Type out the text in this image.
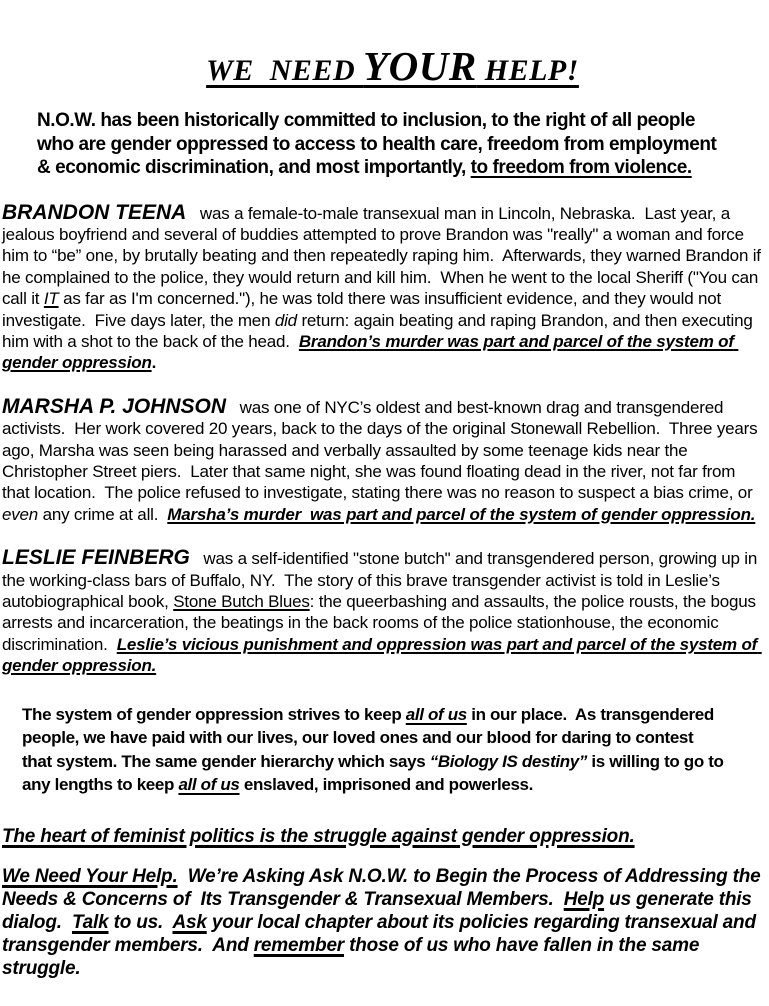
WE  NEED YOUR HELP!

N.O.W. has been historically committed to inclusion, to the right of all people who are gender oppressed to access to health care, freedom from employment & economic discrimination, and most importantly, to freedom from violence.
BRANDON TEENA   was a female-to-male transexual man in Lincoln, Nebraska.  Last year, a jealous boyfriend and several of buddies attempted to prove Brandon was "really" a woman and force him to “be” one, by brutally beating and then repeatedly raping him.  Afterwards, they warned Brandon if he complained to the police, they would return and kill him.  When he went to the local Sheriff ("You can call it IT as far as I'm concerned."), he was told there was insufficient evidence, and they would not investigate.  Five days later, the men did return: again beating and raping Brandon, and then executing him with a shot to the back of the head.  Brandon’s murder was part and parcel of the system of gender oppression.
MARSHA P. JOHNSON   was one of NYC’s oldest and best-known drag and transgendered activists.  Her work covered 20 years, back to the days of the original Stonewall Rebellion.  Three years ago, Marsha was seen being harassed and verbally assaulted by some teenage kids near the Christopher Street piers.  Later that same night, she was found floating dead in the river, not far from that location.  The police refused to investigate, stating there was no reason to suspect a bias crime, or even any crime at all.  Marsha’s murder  was part and parcel of the system of gender oppression.
LESLIE FEINBERG   was a self-identified "stone butch" and transgendered person, growing up in the working-class bars of Buffalo, NY.  The story of this brave transgender activist is told in Leslie’s autobiographical book, Stone Butch Blues: the queerbashing and assaults, the police rousts, the bogus arrests and incarceration, the beatings in the back rooms of the police stationhouse, the economic discrimination.  Leslie’s vicious punishment and oppression was part and parcel of the system of gender oppression.
The system of gender oppression strives to keep all of us in our place.  As transgendered people, we have paid with our lives, our loved ones and our blood for daring to contest that system. The same gender hierarchy which says “Biology IS destiny” is willing to go to any lengths to keep all of us enslaved, imprisoned and powerless.
The heart of feminist politics is the struggle against gender oppression.
We Need Your Help.  We’re Asking Ask N.O.W. to Begin the Process of Addressing the Needs & Concerns of  Its Transgender & Transexual Members.  Help us generate this dialog.  Talk to us.  Ask your local chapter about its policies regarding transexual and transgender members.  And remember those of us who have fallen in the same struggle.
